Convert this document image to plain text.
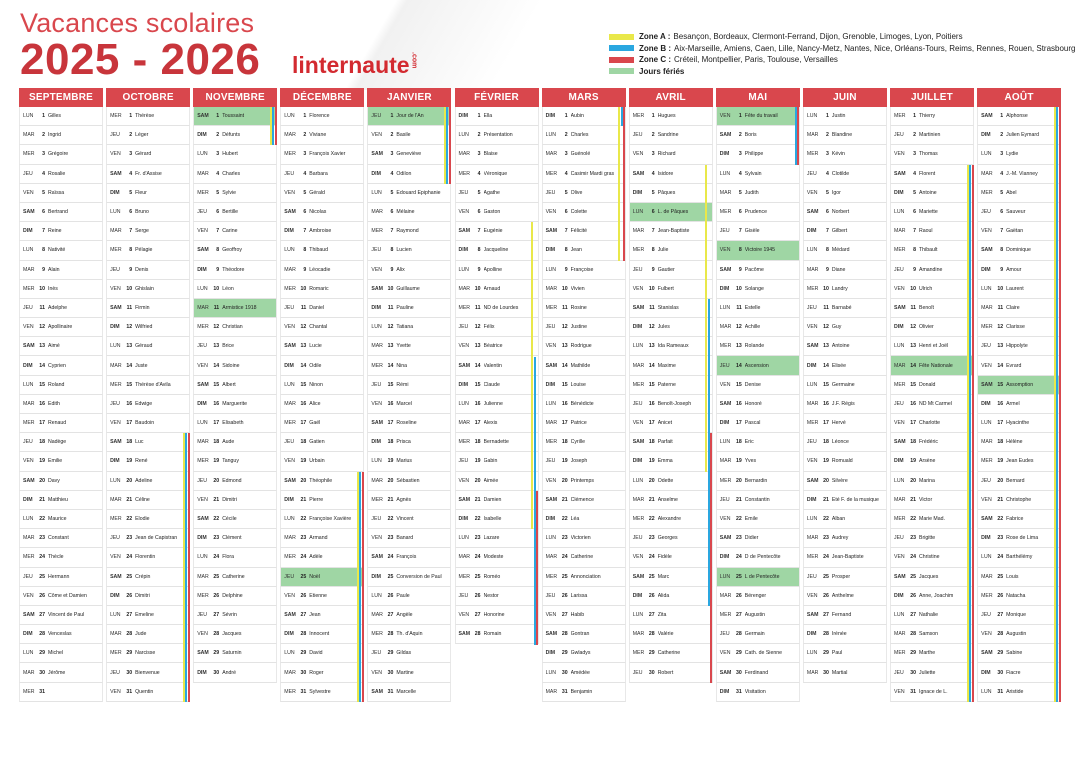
Vacances scolaires
2025 - 2026 linternaute.com
Zone A : Besançon, Bordeaux, Clermont-Ferrand, Dijon, Grenoble, Limoges, Lyon, Poitiers
Zone B : Aix-Marseille, Amiens, Caen, Lille, Nancy-Metz, Nantes, Nice, Orléans-Tours, Reims, Rennes, Rouen, Strasbourg
Zone C : Créteil, Montpellier, Paris, Toulouse, Versailles
Jours fériés
SEPTEMBRE
LUN	1 Gilles
MAR	2 Ingrid
MER	3 Grégoire
JEU	4 Rosalie
VEN	5 Raïssa
SAM	6 Bertrand
DIM	7 Reine
LUN	8 Nativité
MAR	9 Alain
MER 10 Inès
JEU	11 Adelphe
VEN	12 Apollinaire
SAM 13 Aimé
DIM	14 Cyprien
LUN	15 Roland
MAR 16 Edith
MER 17 Renaud
JEU	18 Nadège
VEN	19 Emilie
SAM 20 Davy
DIM	21 Matthieu
LUN	22 Maurice
MAR 23 Constant
MER 24 Thècle
JEU	25 Hermann
VEN	26 Côme et Damien
SAM 27 Vincent de Paul
DIM	28 Venceslas
LUN	29 Michel
MAR 30 Jérôme
MER 31
OCTOBRE
MER	1 Thérèse
JEU	2 Léger
VEN	3 Gérard
SAM	4 Fr. d'Assise
DIM	5 Fleur
LUN	6 Bruno
MAR	7 Serge
MER	8 Pélagie
JEU	9 Denis
VEN	10 Ghislain
SAM 11 Firmin
DIM	12 Wilfried
LUN	13 Géraud
MAR 14 Juste
MER 15 Thérèse d'Avila
JEU	16 Edwige
VEN	17 Baudoin
SAM 18 Luc
DIM	19 René
LUN	20 Adeline
MAR 21 Céline
MER 22 Elodie
JEU	23 Jean de Capistran
VEN	24 Florentin
SAM 25 Crépin
DIM	26 Dimitri
LUN	27 Emeline
MAR 28 Jude
MER 29 Narcisse
JEU	30 Bienvenue
VEN	31 Quentin
NOVEMBRE
SAM	1 Toussaint
DIM	2 Défunts
LUN	3 Hubert
MAR	4 Charles
MER	5 Sylvie
JEU	6 Bertille
VEN	7 Carine
SAM	8 Geoffroy
DIM	9 Théodore
LUN	10 Léon
MAR 11 Armistice 1918
MER 12 Christian
JEU	13 Brice
VEN	14 Sidoine
SAM 15 Albert
DIM	16 Marguerite
LUN	17 Elisabeth
MAR 18 Aude
MER 19 Tanguy
JEU	20 Edmond
VEN	21 Dimitri
SAM 22 Cécile
DIM	23 Clément
LUN	24 Flora
MAR 25 Catherine
MER 26 Delphine
JEU	27 Sévrin
VEN	28 Jacques
SAM 29 Saturnin
DIM	30 André
DÉCEMBRE
LUN	1 Florence
MAR	2 Viviane
MER	3 François Xavier
JEU	4 Barbara
VEN	5 Gérald
SAM	6 Nicolas
DIM	7 Ambroise
LUN	8 Thibaud
MAR	9 Léocadie
MER 10 Romaric
JEU	11 Daniel
VEN	12 Chantal
SAM 13 Lucie
DIM	14 Odile
LUN	15 Ninon
MAR 16 Alice
MER 17 Gaël
JEU	18 Gatien
VEN	19 Urbain
SAM 20 Théophile
DIM	21 Pierre
LUN	22 Françoise Xavière
MAR 23 Armand
MER 24 Adèle
JEU	25 Noël
VEN	26 Etienne
SAM 27 Jean
DIM	28 Innocent
LUN	29 David
MAR 30 Roger
MER 31 Sylvestre
JANVIER
JEU	1 Jour de l'An
VEN	2 Basile
SAM	3 Geneviève
DIM	4 Odilon
LUN	5 Édouard Épiphanie
MAR	6 Mélaine
MER	7 Raymond
JEU	8 Lucien
VEN	9 Alix
SAM 10 Guillaume
DIM	11 Pauline
LUN	12 Tatiana
MAR 13 Yvette
MER 14 Nina
JEU	15 Rémi
VEN	16 Marcel
SAM 17 Roseline
DIM	18 Prisca
LUN	19 Marius
MAR 20 Sébastien
MER 21 Agnès
JEU	22 Vincent
VEN	23 Banard
SAM 24 François
DIM	25 Conversion de Paul
LUN	26 Paule
MAR 27 Angèle
MER 28 Th. d'Aquin
JEU	29 Gildas
VEN	30 Martine
SAM 31 Marcelle
FÉVRIER
DIM	1 Ella
LUN	2 Présentation
MAR	3 Blaise
MER	4 Véronique
JEU	5 Agathe
VEN	6 Gaston
SAM	7 Eugénie
DIM	8 Jacqueline
LUN	9 Apolline
MAR 10 Arnaud
MER 11 ND de Lourdes
JEU	12 Félix
VEN	13 Béatrice
SAM 14 Valentin
DIM	15 Claude
LUN	16 Julienne
MAR 17 Alexis
MER 18 Bernadette
JEU	19 Gabin
VEN	20 Aimée
SAM 21 Damien
DIM	22 Isabelle
LUN	23 Lazare
MAR 24 Modeste
MER 25 Roméo
JEU	26 Nestor
VEN	27 Honorine
SAM 28 Romain
MARS
DIM	1 Aubin
LUN	2 Charles
MAR	3 Guénolé
MER	4 Casimir Mardi gras
JEU	5 Olive
VEN	6 Colette
SAM	7 Félicité
DIM	8 Jean
LUN	9 Françoise
MAR 10 Vivien
MER 11 Rosine
JEU	12 Justine
VEN	13 Rodrigue
SAM 14 Mathilde
DIM	15 Louise
LUN	16 Bénédicte
MAR 17 Patrice
MER 18 Cyrille
JEU	19 Joseph
VEN	20 Printemps
SAM 21 Clémence
DIM	22 Léa
LUN	23 Victorien
MAR 24 Catherine
MER 25 Annonciation
JEU	26 Larissa
VEN	27 Habib
SAM 28 Gontran
DIM	29 Gwladys
LUN	30 Amédée
MAR 31 Benjamin
AVRIL
MER	1 Hugues
JEU	2 Sandrine
VEN	3 Richard
SAM	4 Isidore
DIM	5 Pâques
LUN	6 L. de Pâques
MAR	7 Jean-Baptiste
MER	8 Julie
JEU	9 Gautier
VEN	10 Fulbert
SAM 11 Stanislas
DIM	12 Jules
LUN	13 Ida Rameaux
MAR 14 Maxime
MER 15 Paterne
JEU	16 Benoît-Joseph
VEN	17 Anicet
SAM 18 Parfait
DIM	19 Emma
LUN	20 Odette
MAR 21 Anselme
MER 22 Alexandre
JEU	23 Georges
VEN	24 Fidèle
SAM 25 Marc
DIM	26 Alida
LUN	27 Zita
MAR 28 Valérie
MER 29 Catherine
JEU	30 Robert
MAI
VEN	1 Fête du travail
SAM	2 Boris
DIM	3 Philippe
LUN	4 Sylvain
MAR	5 Judith
MER	6 Prudence
JEU	7 Gisèle
VEN	8 Victoire 1945
SAM	9 Pacôme
DIM	10 Solange
LUN	11 Estelle
MAR 12 Achille
MER 13 Rolande
JEU	14 Ascension
VEN	15 Denise
SAM 16 Honoré
DIM	17 Pascal
LUN	18 Eric
MAR 19 Yves
MER 20 Bernardin
JEU	21 Constantin
VEN	22 Emile
SAM 23 Didier
DIM	24 D de Pentecôte
LUN	25 L de Pentecôte
MAR 26 Bérenger
MER 27 Augustin
JEU	28 Germain
VEN	29 Cath. de Sienne
SAM 30 Ferdinand
DIM	31 Visitation
JUIN
LUN	1 Justin
MAR	2 Blandine
MER	3 Kévin
JEU	4 Clotilde
VEN	5 Igor
SAM	6 Norbert
DIM	7 Gilbert
LUN	8 Médard
MAR	9 Diane
MER 10 Landry
JEU	11 Barnabé
VEN	12 Guy
SAM 13 Antoine
DIM	14 Elisée
LUN	15 Germaine
MAR 16 J.F. Régis
MER 17 Hervé
JEU	18 Léonce
VEN	19 Romuald
SAM 20 Silvère
DIM	21 Été F. de la musique
LUN	22 Alban
MAR 23 Audrey
MER 24 Jean-Baptiste
JEU	25 Prosper
VEN	26 Anthelme
SAM 27 Fernand
DIM	28 Irénée
LUN	29 Paul
MAR 30 Martial
JUILLET
MER	1 Thierry
JEU	2 Martinien
VEN	3 Thomas
SAM	4 Florent
DIM	5 Antoine
LUN	6 Mariette
MAR	7 Raoul
MER	8 Thibault
JEU	9 Amandine
VEN	10 Ulrich
SAM 11 Benoît
DIM	12 Olivier
LUN	13 Henri et Joël
MAR 14 Fête Nationale
MER 15 Donald
JEU	16 ND Mt Carmel
VEN	17 Charlotte
SAM 18 Frédéric
DIM	19 Arsène
LUN	20 Marina
MAR 21 Victor
MER 22 Marie Mad.
JEU	23 Brigitte
VEN	24 Christine
SAM 25 Jacques
DIM	26 Anne, Joachim
LUN	27 Nathalie
MAR 28 Samson
MER 29 Marthe
JEU	30 Juliette
VEN	31 Ignace de L.
AOÛT
SAM	1 Alphonse
DIM	2 Julien Eymard
LUN	3 Lydie
MAR	4 J.-M. Vianney
MER	5 Abel
JEU	6 Sauveur
VEN	7 Gaëtan
SAM	8 Dominique
DIM	9 Amour
LUN	10 Laurent
MAR 11 Claire
MER 12 Clarisse
JEU	13 Hippolyte
VEN	14 Evrard
SAM 15 Assomption
DIM	16 Armel
LUN	17 Hyacinthe
MAR 18 Hélène
MER 19 Jean Eudes
JEU	20 Bernard
VEN	21 Christophe
SAM 22 Fabrice
DIM	23 Rose de Lima
LUN	24 Barthélémy
MAR 25 Louis
MER 26 Natacha
JEU	27 Monique
VEN	28 Augustin
SAM 29 Sabine
DIM	30 Fiacre
LUN	31 Aristide
